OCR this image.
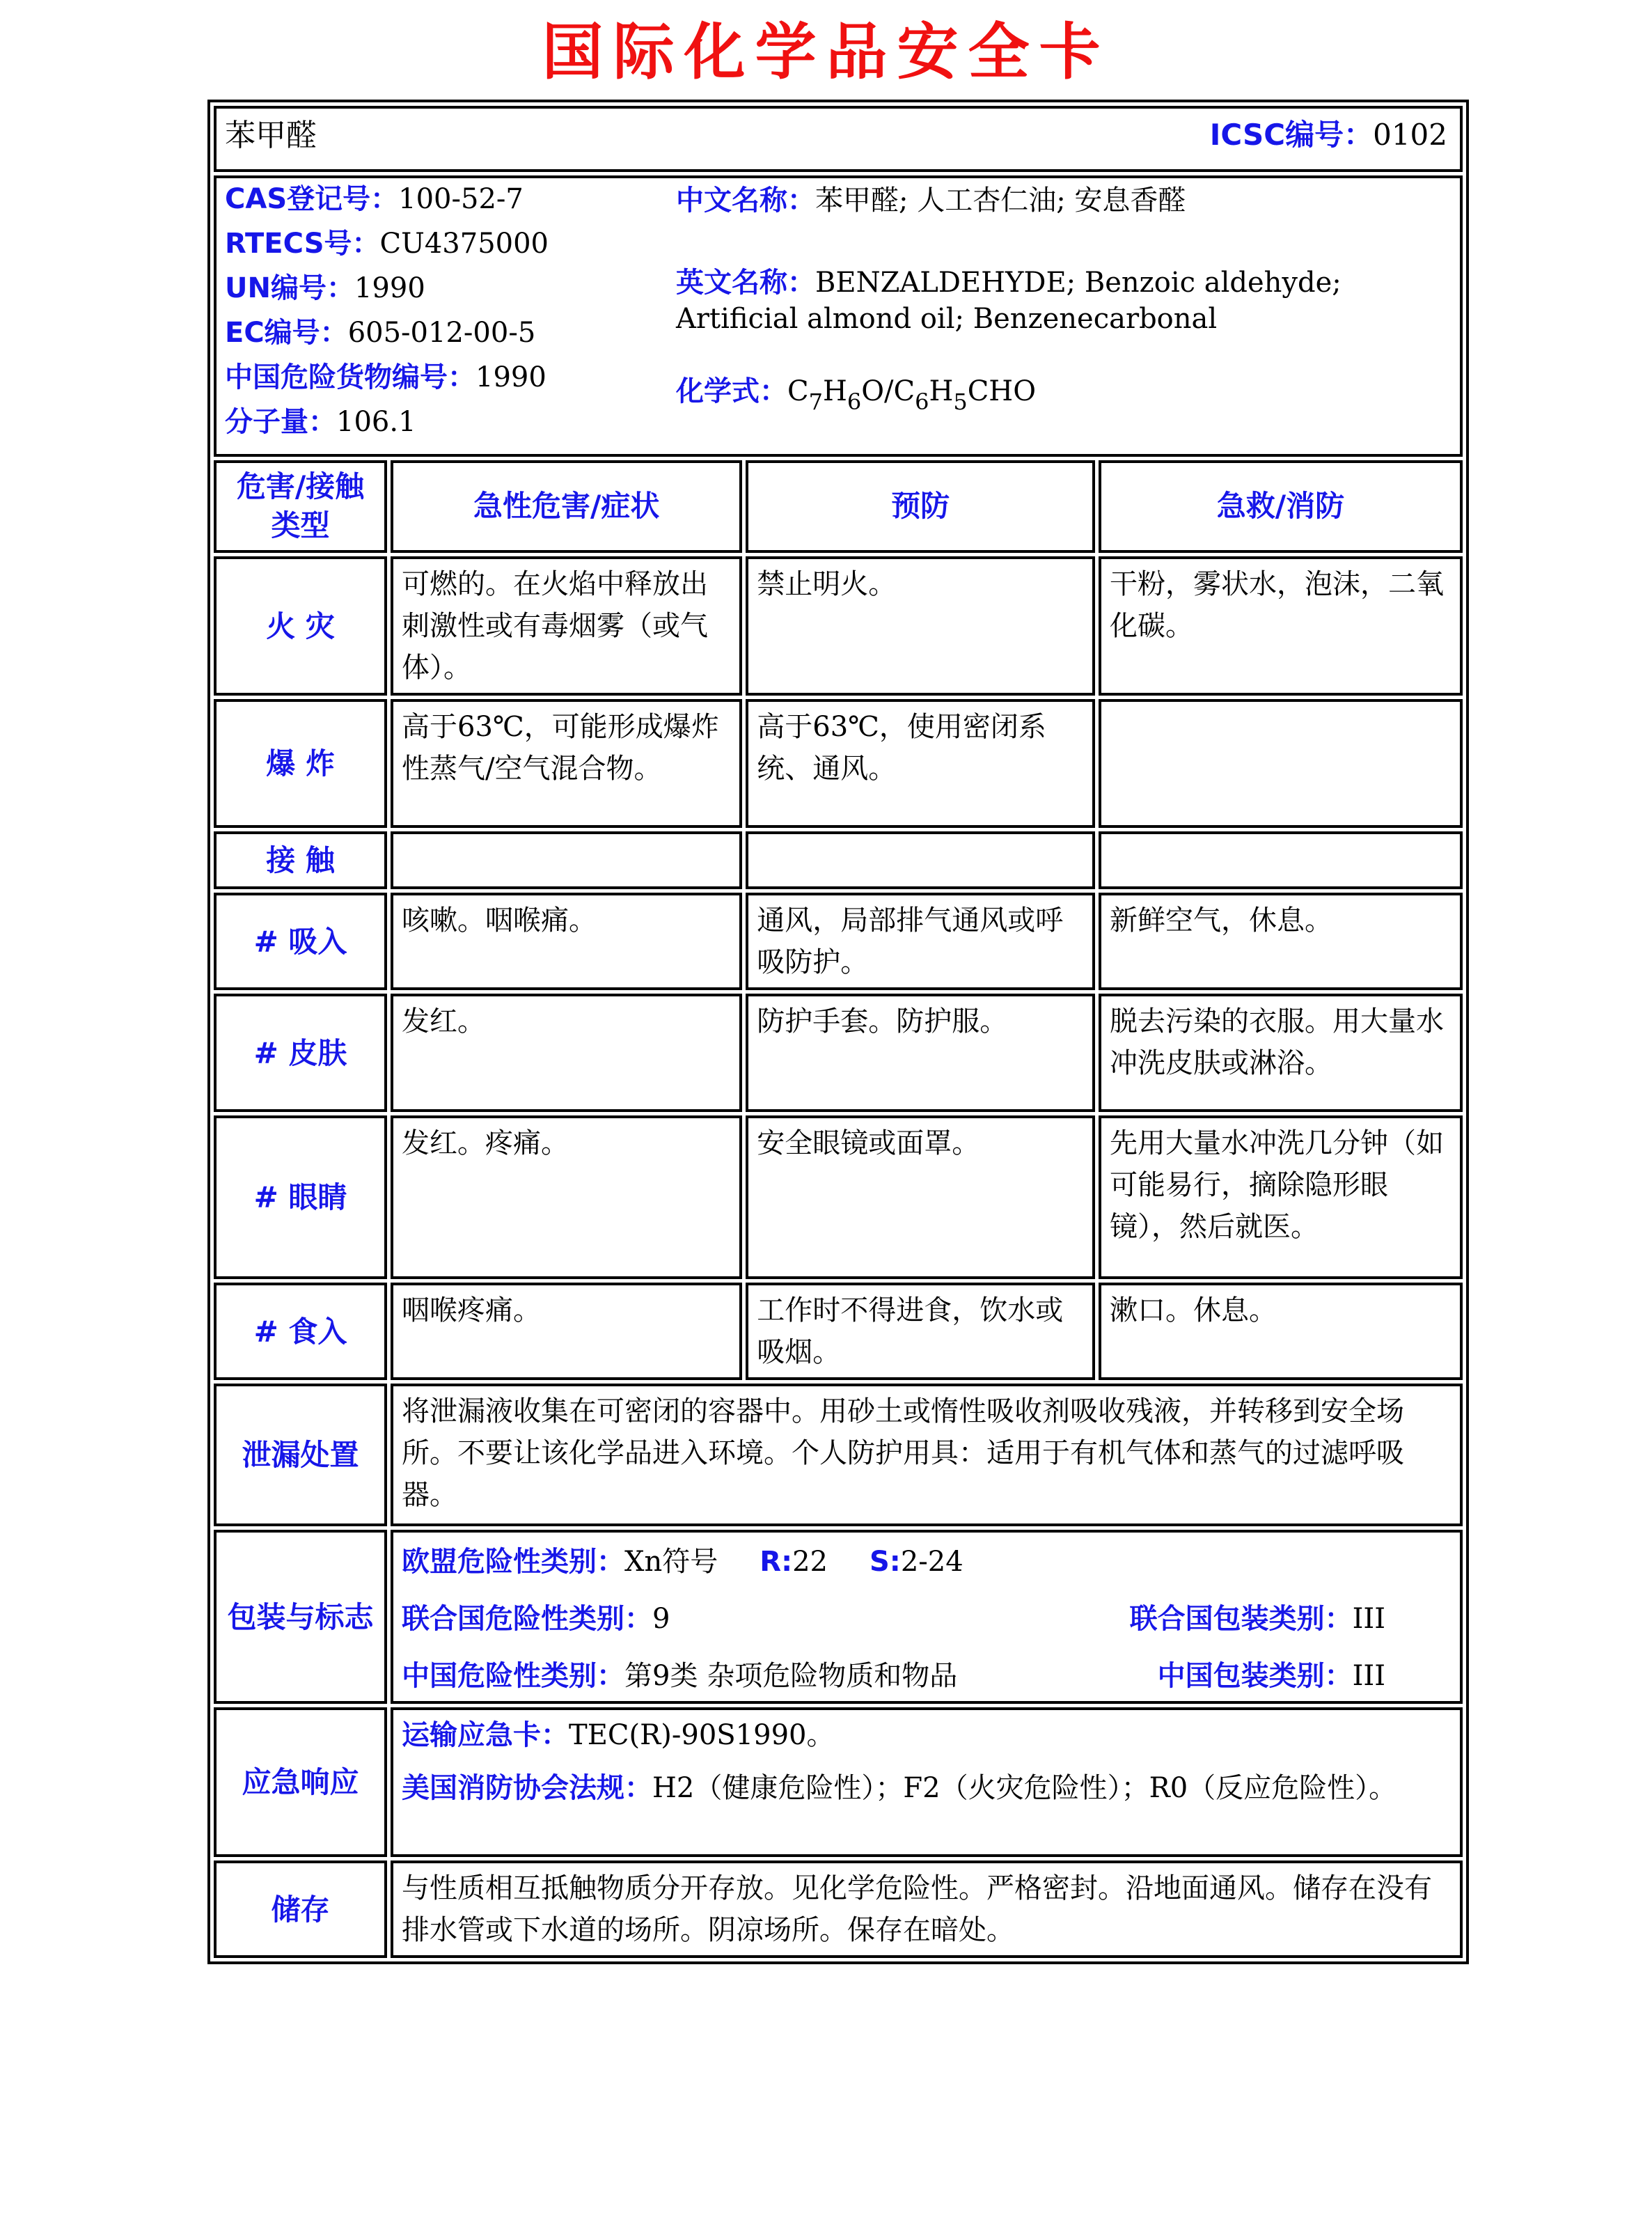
国际化学品安全卡
苯甲醛 ICSC编号：0102			

CAS登记号：100-52-7
RTECS号：CU4375000
UN编号：1990
EC编号：605-012-00-5
中国危险货物编号：1990
分子量：106.1
中文名称：苯甲醛; 人工杏仁油; 安息香醛
英文名称：BENZALDEHYDE; Benzoic aldehyde; Artificial almond oil; Benzenecarbonal
化学式：$C_7H_6O/C_6H_5CHO$

危害/接触类型	急性危害/症状	预防	急救/消防
火 灾	可燃的。在火焰中释放出刺激性或有毒烟雾（或气体）。	禁止明火。	干粉，雾状水，泡沫，二氧化碳。
爆 炸	高于63℃，可能形成爆炸性蒸气/空气混合物。	高于63℃，使用密闭系统、通风。	
接 触			
# 吸入	咳嗽。咽喉痛。	通风，局部排气通风或呼吸防护。	新鲜空气，休息。
# 皮肤	发红。	防护手套。防护服。	脱去污染的衣服。用大量水冲洗皮肤或淋浴。
# 眼睛	发红。疼痛。	安全眼镜或面罩。	先用大量水冲洗几分钟（如可能易行，摘除隐形眼镜），然后就医。
# 食入	咽喉疼痛。	工作时不得进食，饮水或吸烟。	漱口。休息。
泄漏处置	将泄漏液收集在可密闭的容器中。用砂土或惰性吸收剂吸收残液，并转移到安全场所。不要让该化学品进入环境。个人防护用具：适用于有机气体和蒸气的过滤呼吸器。		

包装与标志	
欧盟危险性类别：Xn符号 R:22 S:2-24
联合国危险性类别：9	联合国包装类别：III
中国危险性类别：第9类 杂项危险物质和物品	中国包装类别：III

应急响应	运输应急卡：TEC(R)-90S1990。
美国消防协会法规：H2（健康危险性）；F2（火灾危险性）；R0（反应危险性）。		

储存	与性质相互抵触物质分开存放。见化学危险性。严格密封。沿地面通风。储存在没有排水管或下水道的场所。阴凉场所。保存在暗处。		
